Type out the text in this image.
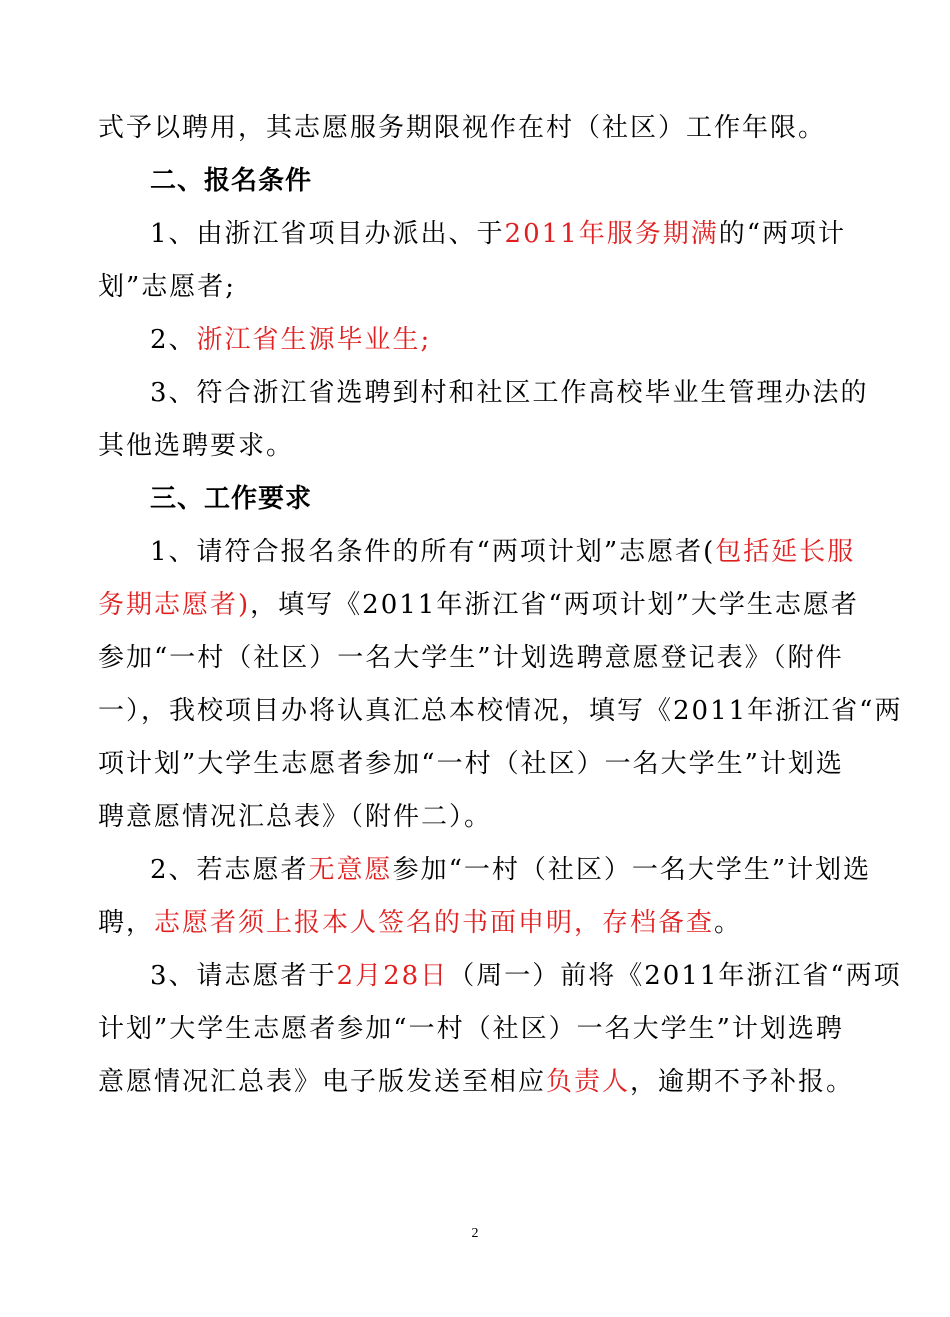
式予以聘用，其志愿服务期限视作在村（社区）工作年限。
二、报名条件
1、由浙江省项目办派出、于2011年服务期满的“两项计
划”志愿者;
2、浙江省生源毕业生;
3、符合浙江省选聘到村和社区工作高校毕业生管理办法的
其他选聘要求。
三、工作要求
1、请符合报名条件的所有“两项计划”志愿者(包括延长服
务期志愿者)，填写《2011年浙江省“两项计划”大学生志愿者
参加“一村（社区）一名大学生”计划选聘意愿登记表》（附件
一），我校项目办将认真汇总本校情况，填写《2011年浙江省“两
项计划”大学生志愿者参加“一村（社区）一名大学生”计划选
聘意愿情况汇总表》（附件二）。
2、若志愿者无意愿参加“一村（社区）一名大学生”计划选
聘，志愿者须上报本人签名的书面申明，存档备查。
3、请志愿者于2月28日（周一）前将《2011年浙江省“两项
计划”大学生志愿者参加“一村（社区）一名大学生”计划选聘
意愿情况汇总表》电子版发送至相应负责人，逾期不予补报。
2
